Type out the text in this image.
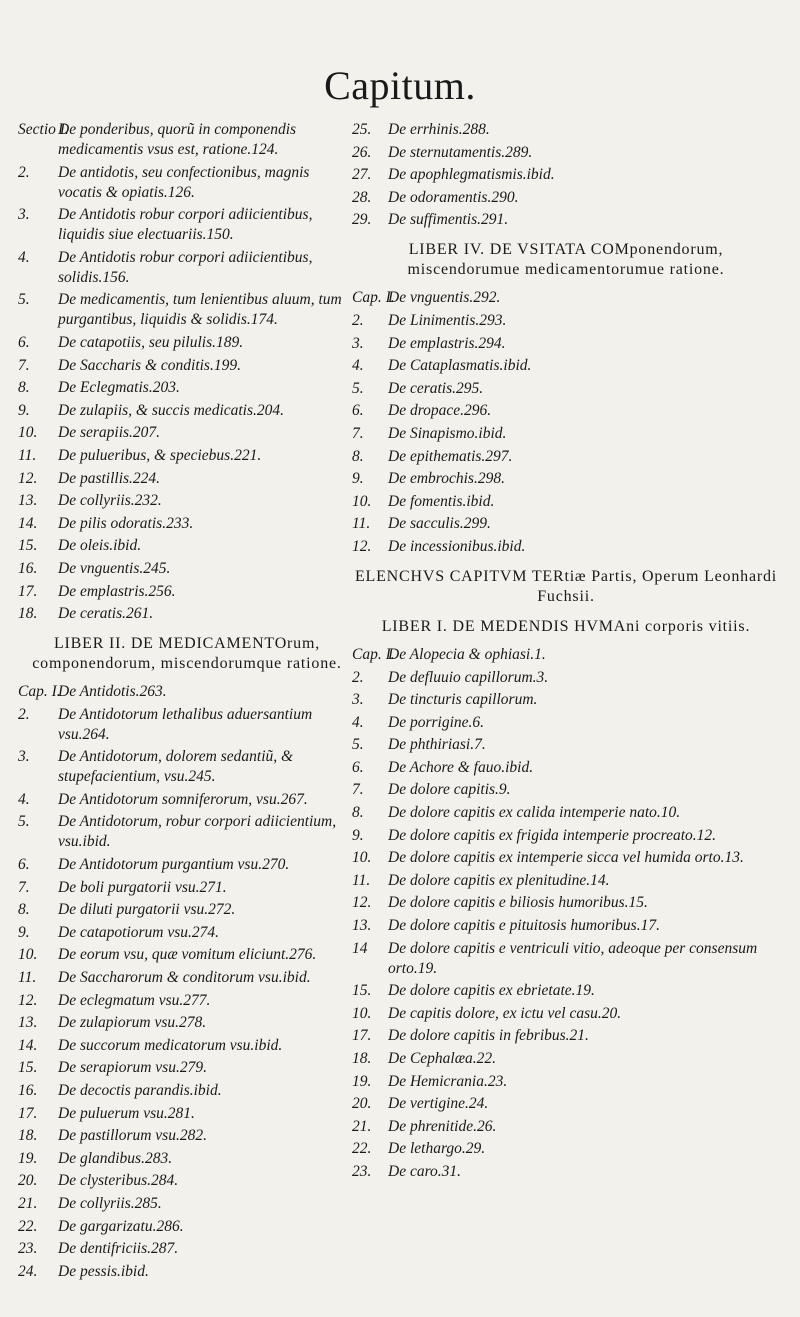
Capitum.
Sectio I.
De ponderibus, quorũ in componendis medicamentis vsus est, ratione.124.
2. De antidotis, seu confectionibus, magnis vocatis & opiatis.126.
3. De Antidotis robur corpori adiicientibus, liquidis siue electuariis.150.
4. De Antidotis robur corpori adiicientibus, solidis.156.
5. De medicamentis, tum lenientibus aluum, tum purgantibus, liquidis & solidis.174.
6. De catapotiis, seu pilulis.189.
7. De Saccharis & conditis.199.
8. De Eclegmatis.203.
9. De zulapiis, & succis medicatis.204.
10. De serapiis.207.
11. De pulueribus, & speciebus.221.
12. De pastillis.224.
13. De collyriis.232.
14. De pilis odoratis.233.
15. De oleis.ibid.
16. De vnguentis.245.
17. De emplastris.256.
18. De ceratis.261.
LIBER II. DE MEDICAMENTOrum, componendorum, miscendorumque ratione.
Cap. I.
De Antidotis.263.
2. De Antidotorum lethalibus aduersantium vsu.264.
3. De Antidotorum, dolorem sedantiũ, & stupefacientium, vsu.245.
4. De Antidotorum somniferorum, vsu.267.
5. De Antidotorum, robur corpori adiicientium, vsu.ibid.
6. De Antidotorum purgantium vsu.270.
7. De boli purgatorii vsu.271.
8. De diluti purgatorii vsu.272.
9. De catapotiorum vsu.274.
10. De eorum vsu, quæ vomitum eliciunt.276.
11. De Saccharorum & conditorum vsu.ibid.
12. De eclegmatum vsu.277.
13. De zulapiorum vsu.278.
14. De succorum medicatorum vsu.ibid.
15. De serapiorum vsu.279.
16. De decoctis parandis.ibid.
17. De puluerum vsu.281.
18. De pastillorum vsu.282.
19. De glandibus.283.
20. De clysteribus.284.
21. De collyriis.285.
22. De gargarizatu.286.
23. De dentifriciis.287.
24. De pessis.ibid.
25. De errhinis.288.
26. De sternutamentis.289.
27. De apophlegmatismis.ibid.
28. De odoramentis.290.
29. De suffimentis.291.
LIBER IV. DE VSITATA COMponendorum, miscendorumue medicamentorumue ratione.
Cap. I.
De vnguentis.292.
2. De Linimentis.293.
3. De emplastris.294.
4. De Cataplasmatis.ibid.
5. De ceratis.295.
6. De dropace.296.
7. De Sinapismo.ibid.
8. De epithematis.297.
9. De embrochis.298.
10. De fomentis.ibid.
11. De sacculis.299.
12. De incessionibus.ibid.
ELENCHVS CAPITVM TERtiæ Partis, Operum Leonhardi Fuchsii.
LIBER I. DE MEDENDIS HVMAni corporis vitiis.
Cap. I.
De Alopecia & ophiasi.1.
2. De defluuio capillorum.3.
3. De tincturis capillorum.
4. De porrigine.6.
5. De phthiriasi.7.
6. De Achore & fauo.ibid.
7. De dolore capitis.9.
8. De dolore capitis ex calida intemperie nato.10.
9. De dolore capitis ex frigida intemperie procreato.12.
10. De dolore capitis ex intemperie sicca vel humida orto.13.
11. De dolore capitis ex plenitudine.14.
12. De dolore capitis e biliosis humoribus.15.
13. De dolore capitis e pituitosis humoribus.17.
14 De dolore capitis e ventriculi vitio, adeoque per consensum orto.19.
15. De dolore capitis ex ebrietate.19.
10. De capitis dolore, ex ictu vel casu.20.
17. De dolore capitis in febribus.21.
18. De Cephalæa.22.
19. De Hemicrania.23.
20. De vertigine.24.
21. De phrenitide.26.
22. De lethargo.29.
23. De caro.31.
